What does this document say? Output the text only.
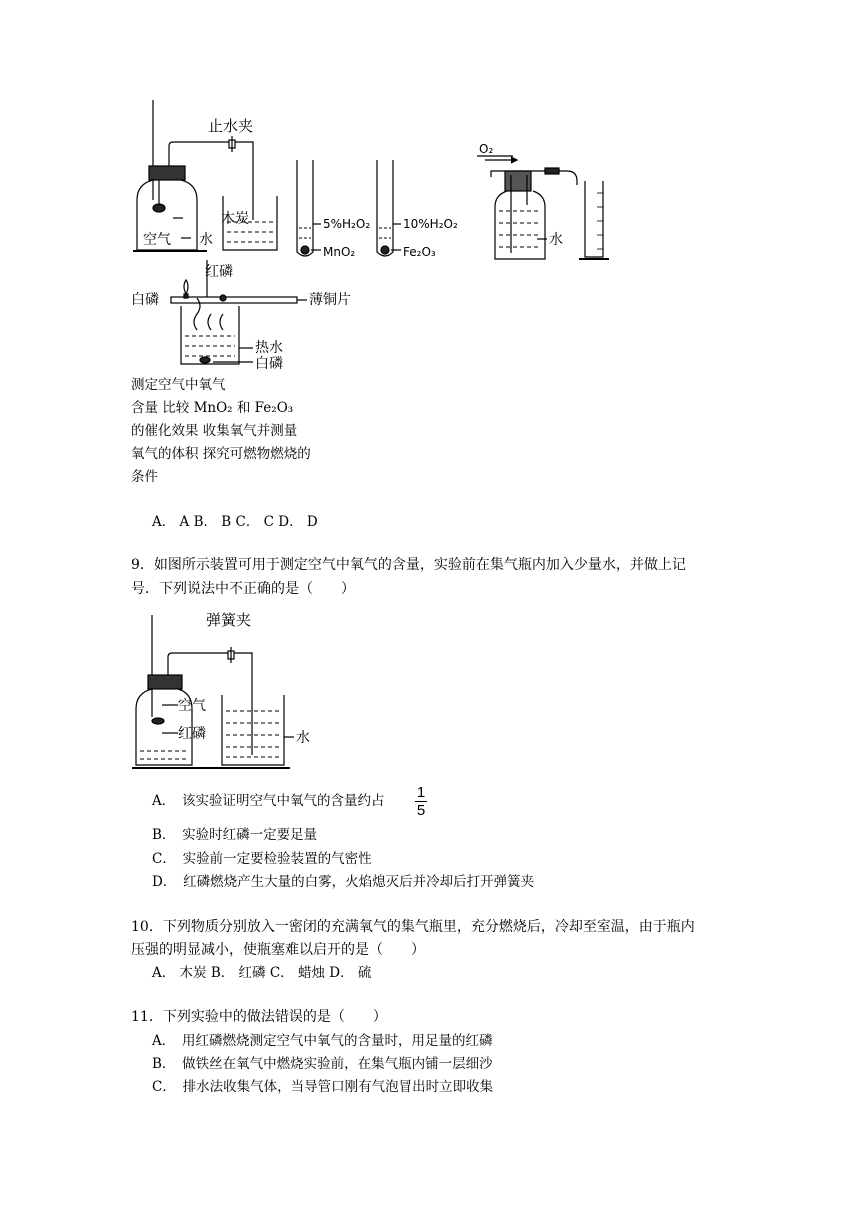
止水夹
木炭
空气 水
5%H₂O₂
MnO₂
10%H₂O₂
Fe₂O₃
红磷
白磷	薄铜片
热水
白磷
O₂
水
测定空气中氧气
含量 比较 MnO₂ 和 Fe₂O₃
的催化效果 收集氧气并测量
氧气的体积 探究可燃物燃烧的
条件
A． A B． B C． C D． D
9．如图所示装置可用于测定空气中氧气的含量，实验前在集气瓶内加入少量水，并做上记
号．下列说法中不正确的是（　　）
弹簧夹
空气
红磷	水
A．　该实验证明空气中氧气的含量约占 1
5
B．　实验时红磷一定要足量
C．　实验前一定要检验装置的气密性
D．　红磷燃烧产生大量的白雾，火焰熄灭后并冷却后打开弹簧夹
10．下列物质分别放入一密闭的充满氧气的集气瓶里，充分燃烧后，冷却至室温，由于瓶内
压强的明显减小，使瓶塞难以启开的是（　　）
A． 木炭 B． 红磷 C． 蜡烛 D． 硫
11．下列实验中的做法错误的是（　　）
A．　用红磷燃烧测定空气中氧气的含量时，用足量的红磷
B．　做铁丝在氧气中燃烧实验前，在集气瓶内铺一层细沙
C．　排水法收集气体，当导管口刚有气泡冒出时立即收集
